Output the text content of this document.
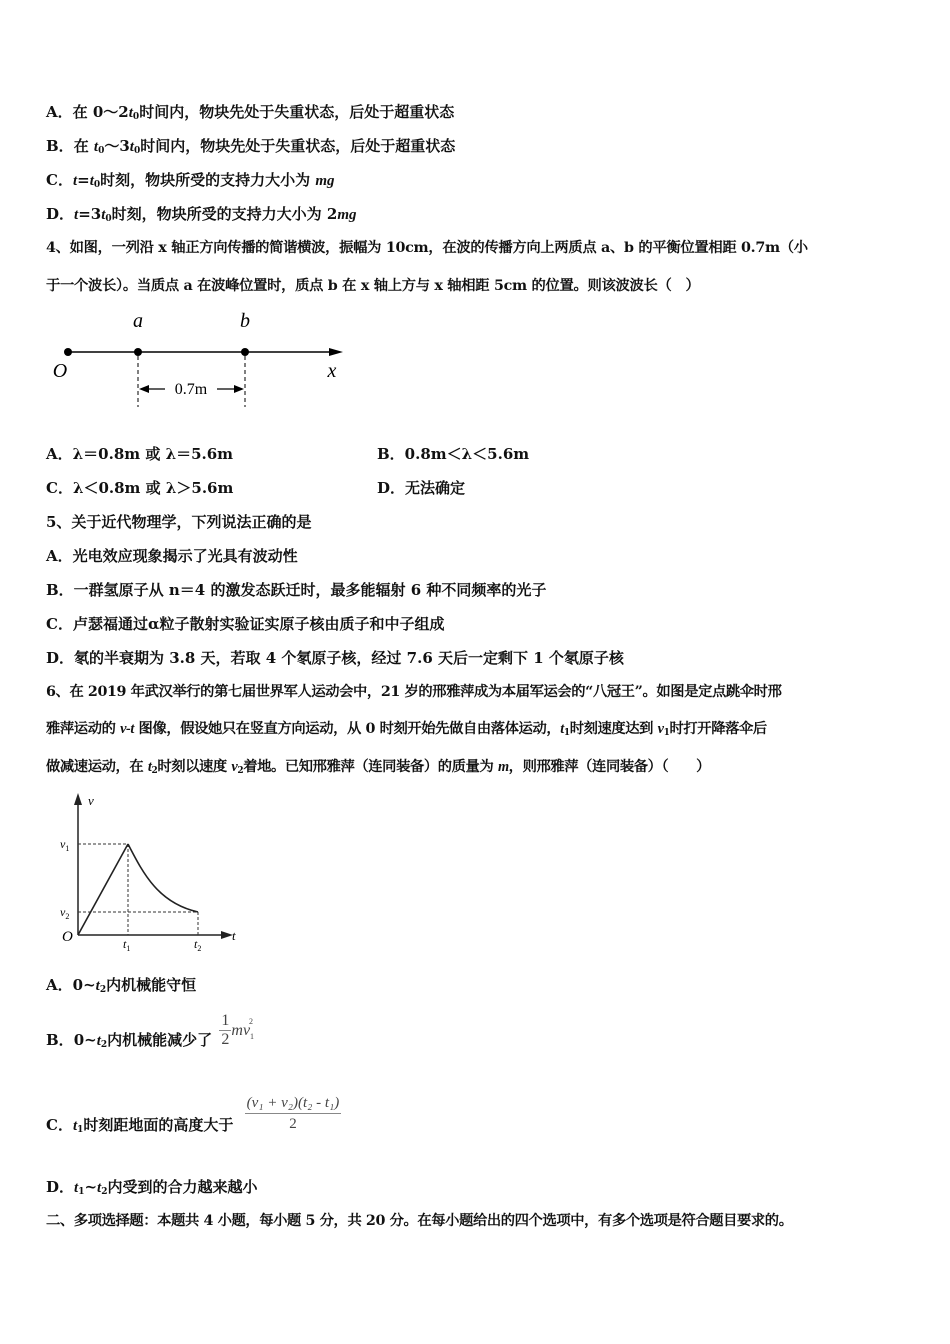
A．在 $0\sim 2t_0$时间内，物块先处于失重状态，后处于超重状态
B．在 $t_0\sim 3t_0$时间内，物块先处于失重状态，后处于超重状态
C．$t=t_0$时刻，物块所受的支持力大小为 mg
D．$t=3t_0$时刻，物块所受的支持力大小为 2mg
4、如图，一列沿 x 轴正方向传播的简谐横波，振幅为 10cm，在波的传播方向上两质点 a、b 的平衡位置相距 0.7m（小
于一个波长）。当质点 a 在波峰位置时，质点 b 在 x 轴上方与 x 轴相距 5cm 的位置。则该波波长（　）
a	b
O	x
0.7m
A．λ＝0.8m 或 λ＝5.6m	B．0.8m＜λ＜5.6m
C．λ＜0.8m 或 λ＞5.6m	D．无法确定
5、关于近代物理学，下列说法正确的是
A．光电效应现象揭示了光具有波动性
B．一群氢原子从 n＝4 的激发态跃迁时，最多能辐射 6 种不同频率的光子
C．卢瑟福通过α粒子散射实验证实原子核由质子和中子组成
D．氡的半衰期为 3.8 天，若取 4 个氡原子核，经过 7.6 天后一定剩下 1 个氡原子核
6、在 2019 年武汉举行的第七届世界军人运动会中，21 岁的邢雅萍成为本届军运会的“八冠王”。如图是定点跳伞时邢
雅萍运动的 v-t 图像，假设她只在竖直方向运动，从 0 时刻开始先做自由落体运动，$t_1$时刻速度达到 $v_1$时打开降落伞后
做减速运动，在 $t_2$时刻以速度 $v_2$着地。已知邢雅萍（连同装备）的质量为 m，则邢雅萍（连同装备）（　　）
v
t
O
$v_1$
$v_2$
$t_1$	$t_2$
A．$0\sim t_2$内机械能守恒
B．$0\sim t_2$内机械能减少了 $\frac{1}{2} mv_1^2$
C．$t_1$时刻距地面的高度大于 $\frac{\text{(v₁ + v₂)(t₂ - t₁)}}{2}$
D．$t_1\sim t_2$内受到的合力越来越小
二、多项选择题：本题共 4 小题，每小题 5 分，共 20 分。在每小题给出的四个选项中，有多个选项是符合题目要求的。
